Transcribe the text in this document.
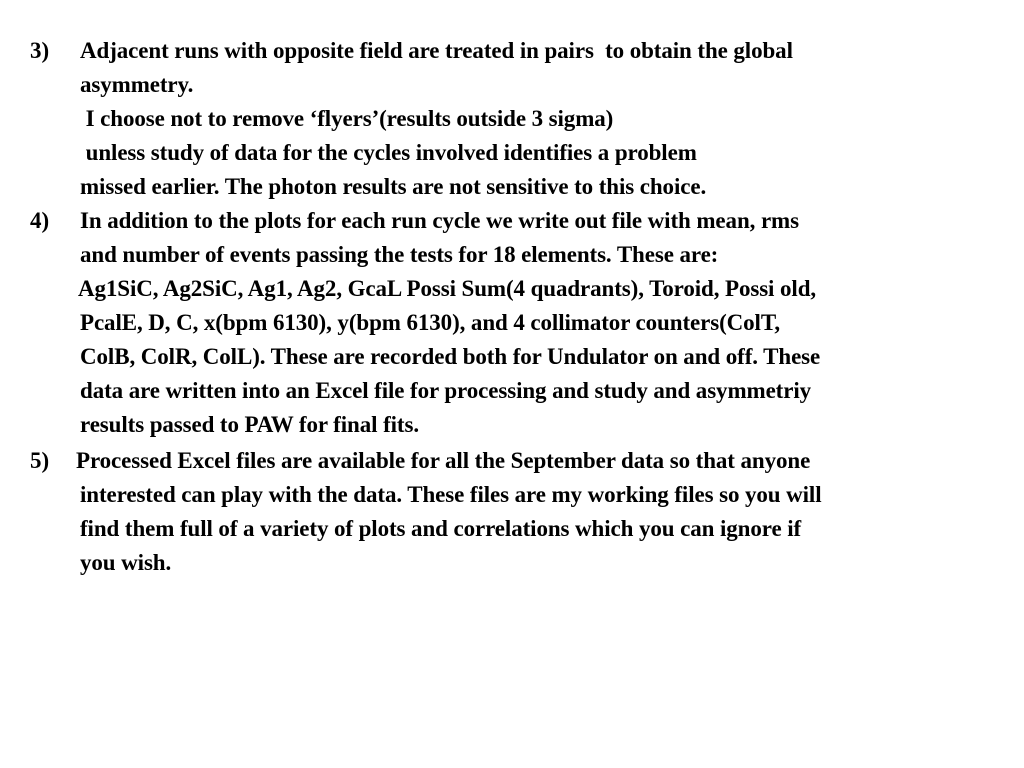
3) Adjacent runs with opposite field are treated in pairs  to obtain the global
asymmetry.
I choose not to remove ‘flyers’(results outside 3 sigma)
unless study of data for the cycles involved identifies a problem
missed earlier. The photon results are not sensitive to this choice.
4) In addition to the plots for each run cycle we write out file with mean, rms
and number of events passing the tests for 18 elements. These are:
Ag1SiC, Ag2SiC, Ag1, Ag2, GcaL Possi Sum(4 quadrants), Toroid, Possi old,
PcalE, D, C, x(bpm 6130), y(bpm 6130), and 4 collimator counters(ColT,
ColB, ColR, ColL). These are recorded both for Undulator on and off. These
data are written into an Excel file for processing and study and asymmetriy
results passed to PAW for final fits.
5) Processed Excel files are available for all the September data so that anyone
interested can play with the data. These files are my working files so you will
find them full of a variety of plots and correlations which you can ignore if
you wish.
